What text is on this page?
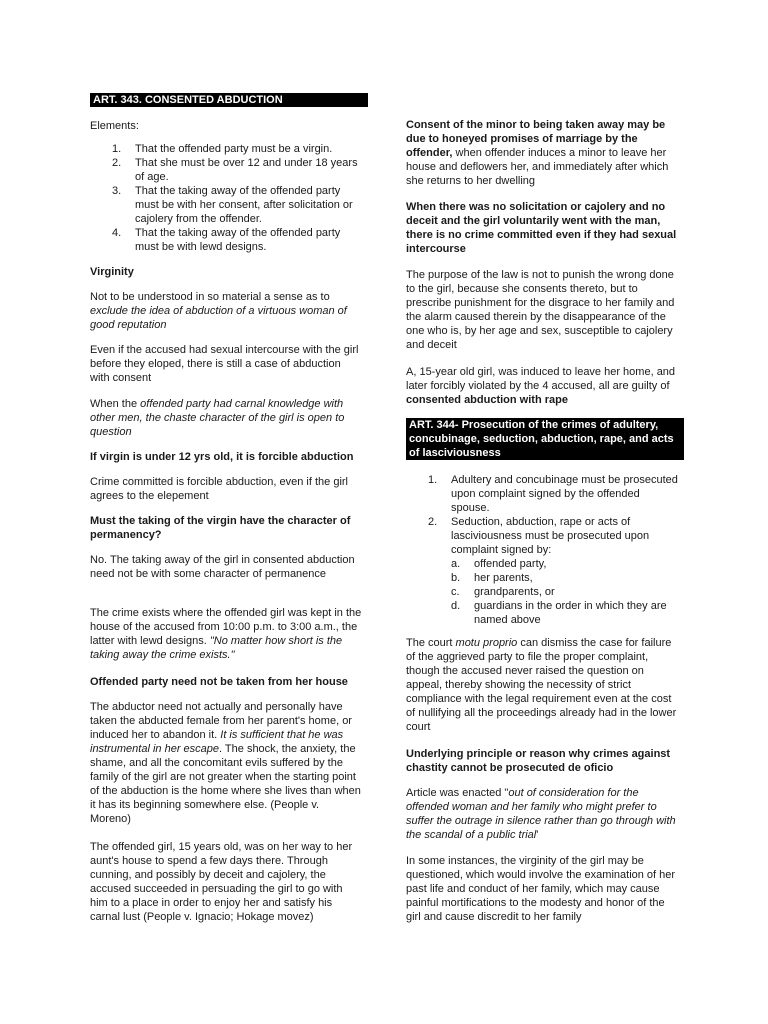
ART. 343. CONSENTED ABDUCTION

Elements:

1. That the offended party must be a virgin.
2. That she must be over 12 and under 18 years of age.
3. That the taking away of the offended party must be with her consent, after solicitation or cajolery from the offender.
4. That the taking away of the offended party must be with lewd designs.

Virginity

Not to be understood in so material a sense as to exclude the idea of abduction of a virtuous woman of good reputation

Even if the accused had sexual intercourse with the girl before they eloped, there is still a case of abduction with consent

When the offended party had carnal knowledge with other men, the chaste character of the girl is open to question

If virgin is under 12 yrs old, it is forcible abduction

Crime committed is forcible abduction, even if the girl agrees to the elepement

Must the taking of the virgin have the character of permanency?

No. The taking away of the girl in consented abduction need not be with some character of permanence

The crime exists where the offended girl was kept in the house of the accused from 10:00 p.m. to 3:00 a.m., the latter with lewd designs. "No matter how short is the taking away the crime exists."

Offended party need not be taken from her house

The abductor need not actually and personally have taken the abducted female from her parent's home, or induced her to abandon it. It is sufficient that he was instrumental in her escape. The shock, the anxiety, the shame, and all the concomitant evils suffered by the family of the girl are not greater when the starting point of the abduction is the home where she lives than when it has its beginning somewhere else. (People v. Moreno)

The offended girl, 15 years old, was on her way to her aunt's house to spend a few days there. Through cunning, and possibly by deceit and cajolery, the accused succeeded in persuading the girl to go with him to a place in order to enjoy her and satisfy his carnal lust (People v. Ignacio; Hokage movez)

Consent of the minor to being taken away may be due to honeyed promises of marriage by the offender, when offender induces a minor to leave her house and deflowers her, and immediately after which she returns to her dwelling

When there was no solicitation or cajolery and no deceit and the girl voluntarily went with the man, there is no crime committed even if they had sexual intercourse

The purpose of the law is not to punish the wrong done to the girl, because she consents thereto, but to prescribe punishment for the disgrace to her family and the alarm caused therein by the disappearance of the one who is, by her age and sex, susceptible to cajolery and deceit

A, 15-year old girl, was induced to leave her home, and later forcibly violated by the 4 accused, all are guilty of consented abduction with rape

ART. 344- Prosecution of the crimes of adultery, concubinage, seduction, abduction, rape, and acts of lasciviousness
1. Adultery and concubinage must be prosecuted upon complaint signed by the offended spouse.
2. Seduction, abduction, rape or acts of lasciviousness must be prosecuted upon complaint signed by:
a. offended party,
b. her parents,
c. grandparents, or
d. guardians in the order in which they are named above

The court motu proprio can dismiss the case for failure of the aggrieved party to file the proper complaint, though the accused never raised the question on appeal, thereby showing the necessity of strict compliance with the legal requirement even at the cost of nullifying all the proceedings already had in the lower court

Underlying principle or reason why crimes against chastity cannot be prosecuted de oficio

Article was enacted "out of consideration for the offended woman and her family who might prefer to suffer the outrage in silence rather than go through with the scandal of a public trial'

In some instances, the virginity of the girl may be questioned, which would involve the examination of her past life and conduct of her family, which may cause painful mortifications to the modesty and honor of the girl and cause discredit to her family
